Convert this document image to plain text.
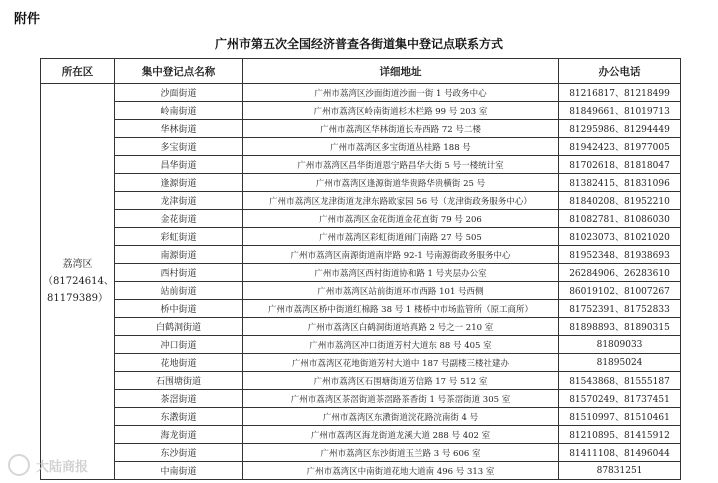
附件
广州市第五次全国经济普查各街道集中登记点联系方式
所在区	集中登记点名称	详细地址	办公电话

荔湾区
（81724614、81179389）	沙面街道	广州市荔湾区沙面街道沙面一街 1 号政务中心	81216817、81218499
	岭南街道	广州市荔湾区岭南街道杉木栏路 99 号 203 室	81849661、81019713
	华林街道	广州市荔湾区华林街道长寿西路 72 号二楼	81295986、81294449
	多宝街道	广州市荔湾区多宝街道丛桂路 188 号	81942423、81977005
	昌华街道	广州市荔湾区昌华街道恩宁路昌华大街 5 号一楼统计室	81702618、81818047
	逢源街道	广州市荔湾区逢源街道华贵路华贵横街 25 号	81382415、81831096
	龙津街道	广州市荔湾区龙津街道龙津东路欧家园 56 号（龙津街政务服务中心）	81840208、81952210
	金花街道	广州市荔湾区金花街道金花直街 79 号 206	81082781、81086030
	彩虹街道	广州市荔湾区彩虹街道闹门南路 27 号 505	81023073、81021020
	南源街道	广州市荔湾区南源街道南岸路 92-1 号南源街政务服务中心	81952348、81938693
	西村街道	广州市荔湾区西村街道协和路 1 号夹层办公室	26284906、26283610
	站前街道	广州市荔湾区站前街道环市西路 101 号西侧	86019102、81007267
	桥中街道	广州市荔湾区桥中街道红棉路 38 号 1 楼桥中市场监管所（原工商所）	81752391、81752833
	白鹤洞街道	广州市荔湾区白鹤洞街道培真路 2 号之一 210 室	81898893、81890315
	冲口街道	广州市荔湾区冲口街道芳村大道东 88 号 405 室	81809033
	花地街道	广州市荔湾区花地街道芳村大道中 187 号副楼三楼社建办	81895024
	石围塘街道	广州市荔湾区石围塘街道芳信路 17 号 512 室	81543868、81555187
	茶滘街道	广州市荔湾区茶滘街道茶滘路茶香街 1 号茶滘街道 305 室	81570249、81737451
	东漖街道	广州市荔湾区东漖街道浣花路浣南街 4 号	81510997、81510461
	海龙街道	广州市荔湾区海龙街道龙溪大道 288 号 402 室	81210895、81415912
	东沙街道	广州市荔湾区东沙街道玉兰路 3 号 606 室	81411108、81496044
	中南街道	广州市荔湾区中南街道花地大道南 496 号 313 室	87831251
大陆商报
